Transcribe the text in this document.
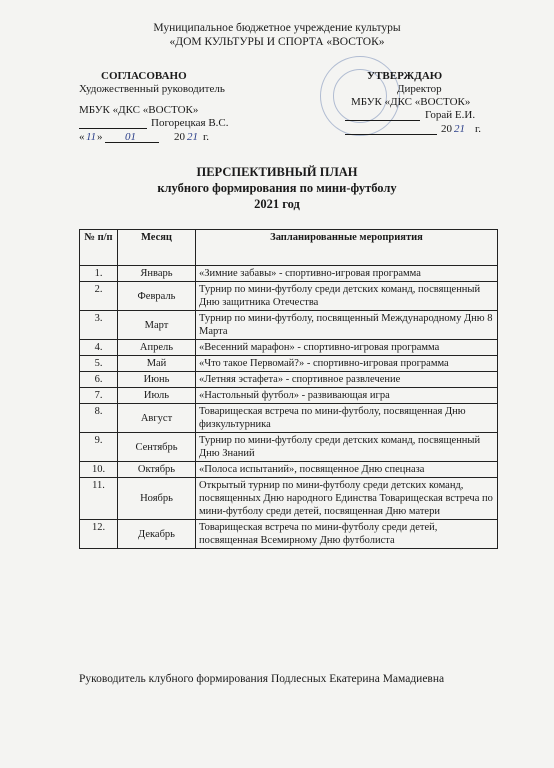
Муниципальное бюджетное учреждение культуры
«ДОМ КУЛЬТУРЫ И СПОРТА «ВОСТОК»
СОГЛАСОВАНО
Художественный руководитель
МБУК «ДКС «ВОСТОК»
Погорецкая В.С.
« 11 » 01	20 21 г.
УТВЕРЖДАЮ
Директор
МБУК «ДКС «ВОСТОК»
Горай Е.И.
20 21 г.
ПЕРСПЕКТИВНЫЙ ПЛАН
клубного формирования по мини-футболу
2021 год
№ п/п	Месяц	Запланированные мероприятия
1.	Январь	«Зимние забавы» - спортивно-игровая программа
2.	Февраль	Турнир по мини-футболу среди детских команд, посвященный Дню защитника Отечества
3.	Март	Турнир по мини-футболу, посвященный Международному Дню 8 Марта
4.	Апрель	«Весенний марафон» - спортивно-игровая программа
5.	Май	«Что такое Первомай?» - спортивно-игровая программа
6.	Июнь	«Летняя эстафета» - спортивное развлечение
7.	Июль	«Настольный футбол» - развивающая игра
8.	Август	Товарищеская встреча по мини-футболу, посвященная Дню физкультурника
9.	Сентябрь	Турнир по мини-футболу среди детских команд, посвященный Дню Знаний
10.	Октябрь	«Полоса испытаний», посвященное Дню спецназа
11.	Ноябрь	Открытый турнир по мини-футболу среди детских команд, посвященных Дню народного Единства Товарищеская встреча по мини-футболу среди детей, посвященная Дню матери
12.	Декабрь	Товарищеская встреча по мини-футболу среди детей, посвященная Всемирному Дню футболиста
Руководитель клубного формирования Подлесных Екатерина Мамадиевна
